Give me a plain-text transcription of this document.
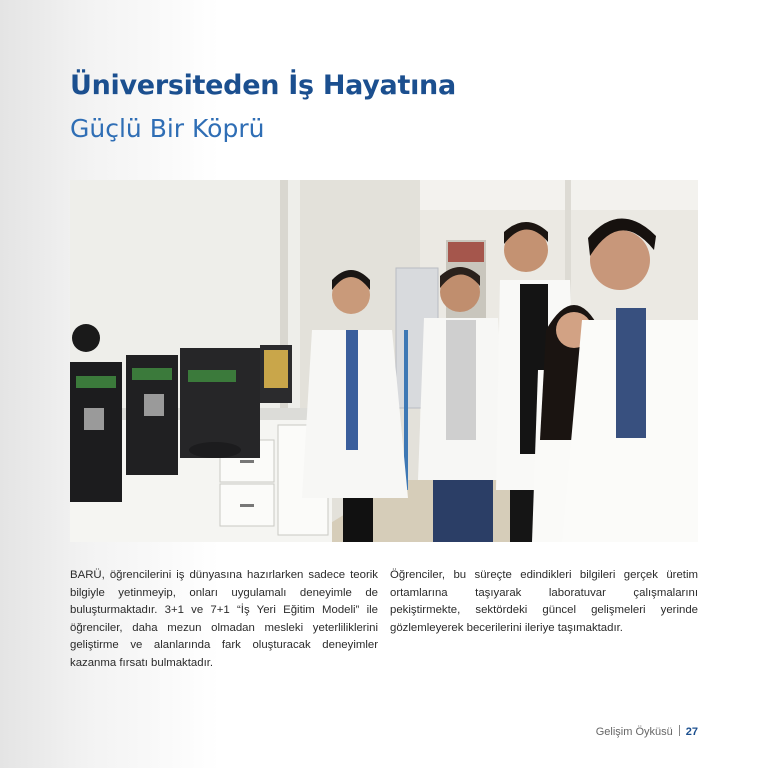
Üniversiteden İş Hayatına
Güçlü Bir Köprü

BARÜ, öğrencilerini iş dünyasına hazırlarken sadece teorik bilgiyle yetinmeyip, onları uygulamalı deneyimle de buluşturmaktadır. 3+1 ve 7+1 “İş Yeri Eğitim Modeli” ile öğrenciler, daha mezun olmadan mesleki yeterliliklerini geliştirme ve alanlarında fark oluşturacak deneyimler kazanma fırsatı bulmaktadır.

Öğrenciler, bu süreçte edindikleri bilgileri gerçek üretim ortamlarına taşıyarak laboratuvar çalışmalarını pekiştirmekte, sektördeki güncel gelişmeleri yerinde gözlemleyerek becerilerini ileriye taşımaktadır.

Gelişim Öyküsü 27
